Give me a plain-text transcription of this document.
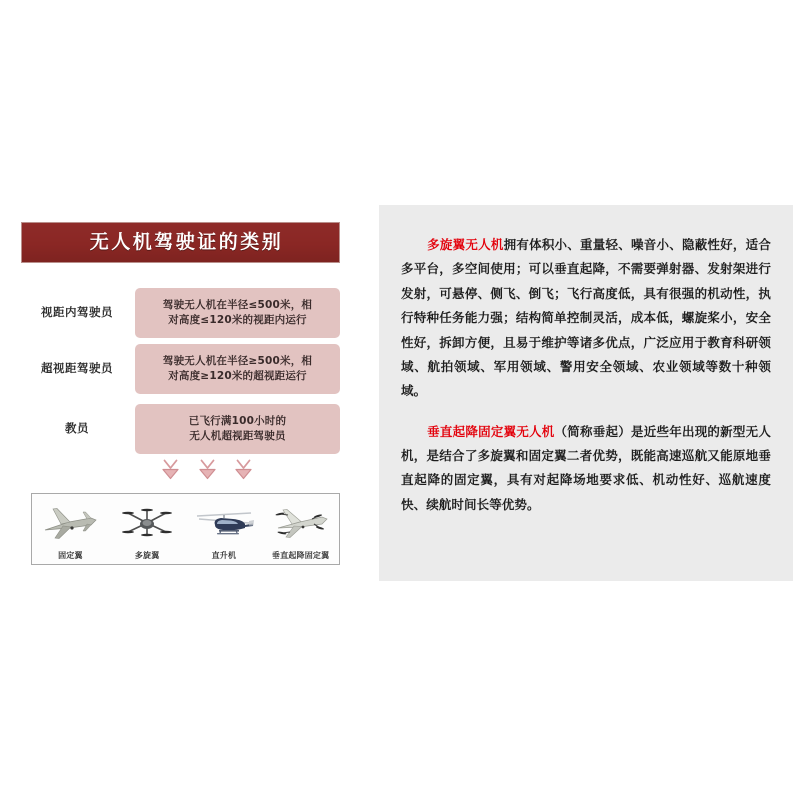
无人机驾驶证的类别
视距内驾驶员
驾驶无人机在半径≤500米，相
对高度≤120米的视距内运行
超视距驾驶员
驾驶无人机在半径≥500米，相
对高度≥120米的超视距运行
教员
已飞行满100小时的
无人机超视距驾驶员
固定翼	多旋翼	直升机	垂直起降固定翼

多旋翼无人机拥有体积小、重量轻、噪音小、隐蔽性好，适合多平台，多空间使用；可以垂直起降，不需要弹射器、发射架进行发射，可悬停、侧飞、倒飞；飞行高度低，具有很强的机动性，执行特种任务能力强；结构简单控制灵活，成本低，螺旋桨小，安全性好，拆卸方便，且易于维护等诸多优点，广泛应用于教育科研领域、航拍领域、军用领域、警用安全领域、农业领域等数十种领域。

垂直起降固定翼无人机（简称垂起）是近些年出现的新型无人机，是结合了多旋翼和固定翼二者优势，既能高速巡航又能原地垂直起降的固定翼，具有对起降场地要求低、机动性好、巡航速度快、续航时间长等优势。
